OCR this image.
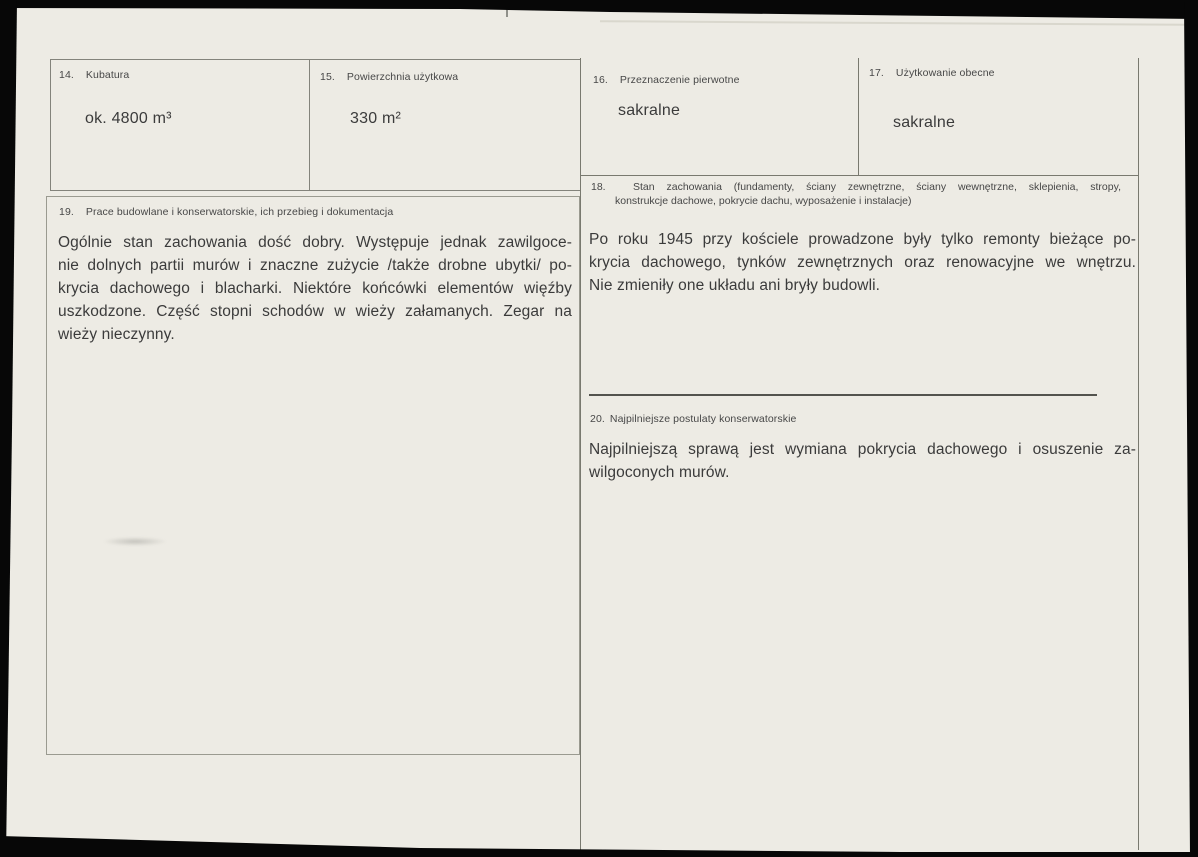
14. Kubatura
ok. 4800 m³
15. Powierzchnia użytkowa
330 m²
19. Prace budowlane i konserwatorskie, ich przebieg i dokumentacja
Ogólnie stan zachowania dość dobry. Występuje jednak zawilgoce-
nie dolnych partii murów i znaczne zużycie /także drobne ubytki/ po-
krycia dachowego i blacharki. Niektóre końcówki elementów więźby
uszkodzone. Część stopni schodów w wieży załamanych. Zegar na
wieży nieczynny.
16. Przeznaczenie pierwotne
sakralne
17. Użytkowanie obecne
sakralne
18.	Stan zachowania (fundamenty, ściany zewnętrzne, ściany wewnętrzne, sklepienia, stropy,
konstrukcje dachowe, pokrycie dachu, wyposażenie i instalacje)
Po roku 1945 przy kościele prowadzone były tylko remonty bieżące po-
krycia dachowego, tynków zewnętrznych oraz renowacyjne we wnętrzu.
Nie zmieniły one układu ani bryły budowli.
20. Najpilniejsze postulaty konserwatorskie
Najpilniejszą sprawą jest wymiana pokrycia dachowego i osuszenie za-
wilgoconych murów.
